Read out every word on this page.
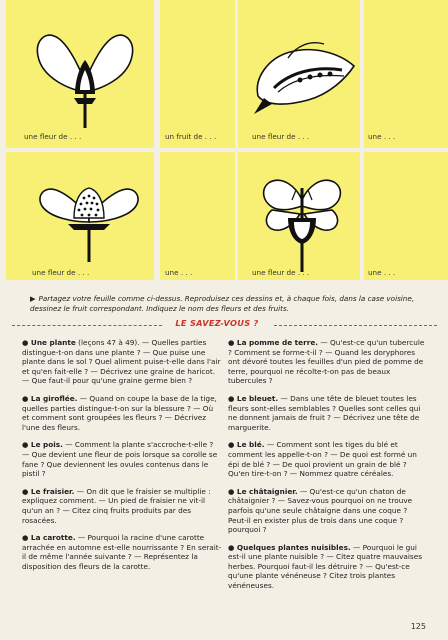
une fleur de . . .	un fruit de . . .	une fleur de . . .	une . . .
une fleur de . . .	une . . .	une fleur de . . .	une . . .
▶ Partagez votre feuille comme ci-dessus. Reproduisez ces dessins et, à chaque fois, dans la case voisine, dessinez le fruit correspondant. Indiquez le nom des fleurs et des fruits.
LE SAVEZ-VOUS ?
● Une plante (leçons 47 à 49). — Quelles parties distingue-t-on dans une plante ? — Que puise une plante dans le sol ? Quel aliment puise-t-elle dans l'air et qu'en fait-elle ? — Décrivez une graine de haricot. — Que faut-il pour qu'une graine germe bien ?
● La giroflée. — Quand on coupe la base de la tige, quelles parties distingue-t-on sur la blessure ? — Où et comment sont groupées les fleurs ? — Décrivez l'une des fleurs.
● Le pois. — Comment la plante s'accroche-t-elle ? — Que devient une fleur de pois lorsque sa corolle se fane ? Que deviennent les ovules contenus dans le pistil ?
● Le fraisier. — On dit que le fraisier se multiplie : expliquez comment. — Un pied de fraisier ne vit-il qu'un an ? — Citez cinq fruits produits par des rosacées.
● La carotte. — Pourquoi la racine d'une carotte arrachée en automne est-elle nourrissante ? En serait-il de même l'année suivante ? — Représentez la disposition des fleurs de la carotte.
● La pomme de terre. — Qu'est-ce qu'un tubercule ? Comment se forme-t-il ? — Quand les doryphores ont dévoré toutes les feuilles d'un pied de pomme de terre, pourquoi ne récolte-t-on pas de beaux tubercules ?
● Le bleuet. — Dans une tête de bleuet toutes les fleurs sont-elles semblables ? Quelles sont celles qui ne donnent jamais de fruit ? — Décrivez une tête de marguerite.
● Le blé. — Comment sont les tiges du blé et comment les appelle-t-on ? — De quoi est formé un épi de blé ? — De quoi provient un grain de blé ? Qu'en tire-t-on ? — Nommez quatre céréales.
● Le châtaignier. — Qu'est-ce qu'un chaton de châtaignier ? — Savez-vous pourquoi on ne trouve parfois qu'une seule châtaigne dans une coque ? Peut-il en exister plus de trois dans une coque ? pourquoi ?
● Quelques plantes nuisibles. — Pourquoi le gui est-il une plante nuisible ? — Citez quatre mauvaises herbes. Pourquoi faut-il les détruire ? — Qu'est-ce qu'une plante vénéneuse ? Citez trois plantes vénéneuses.
125
